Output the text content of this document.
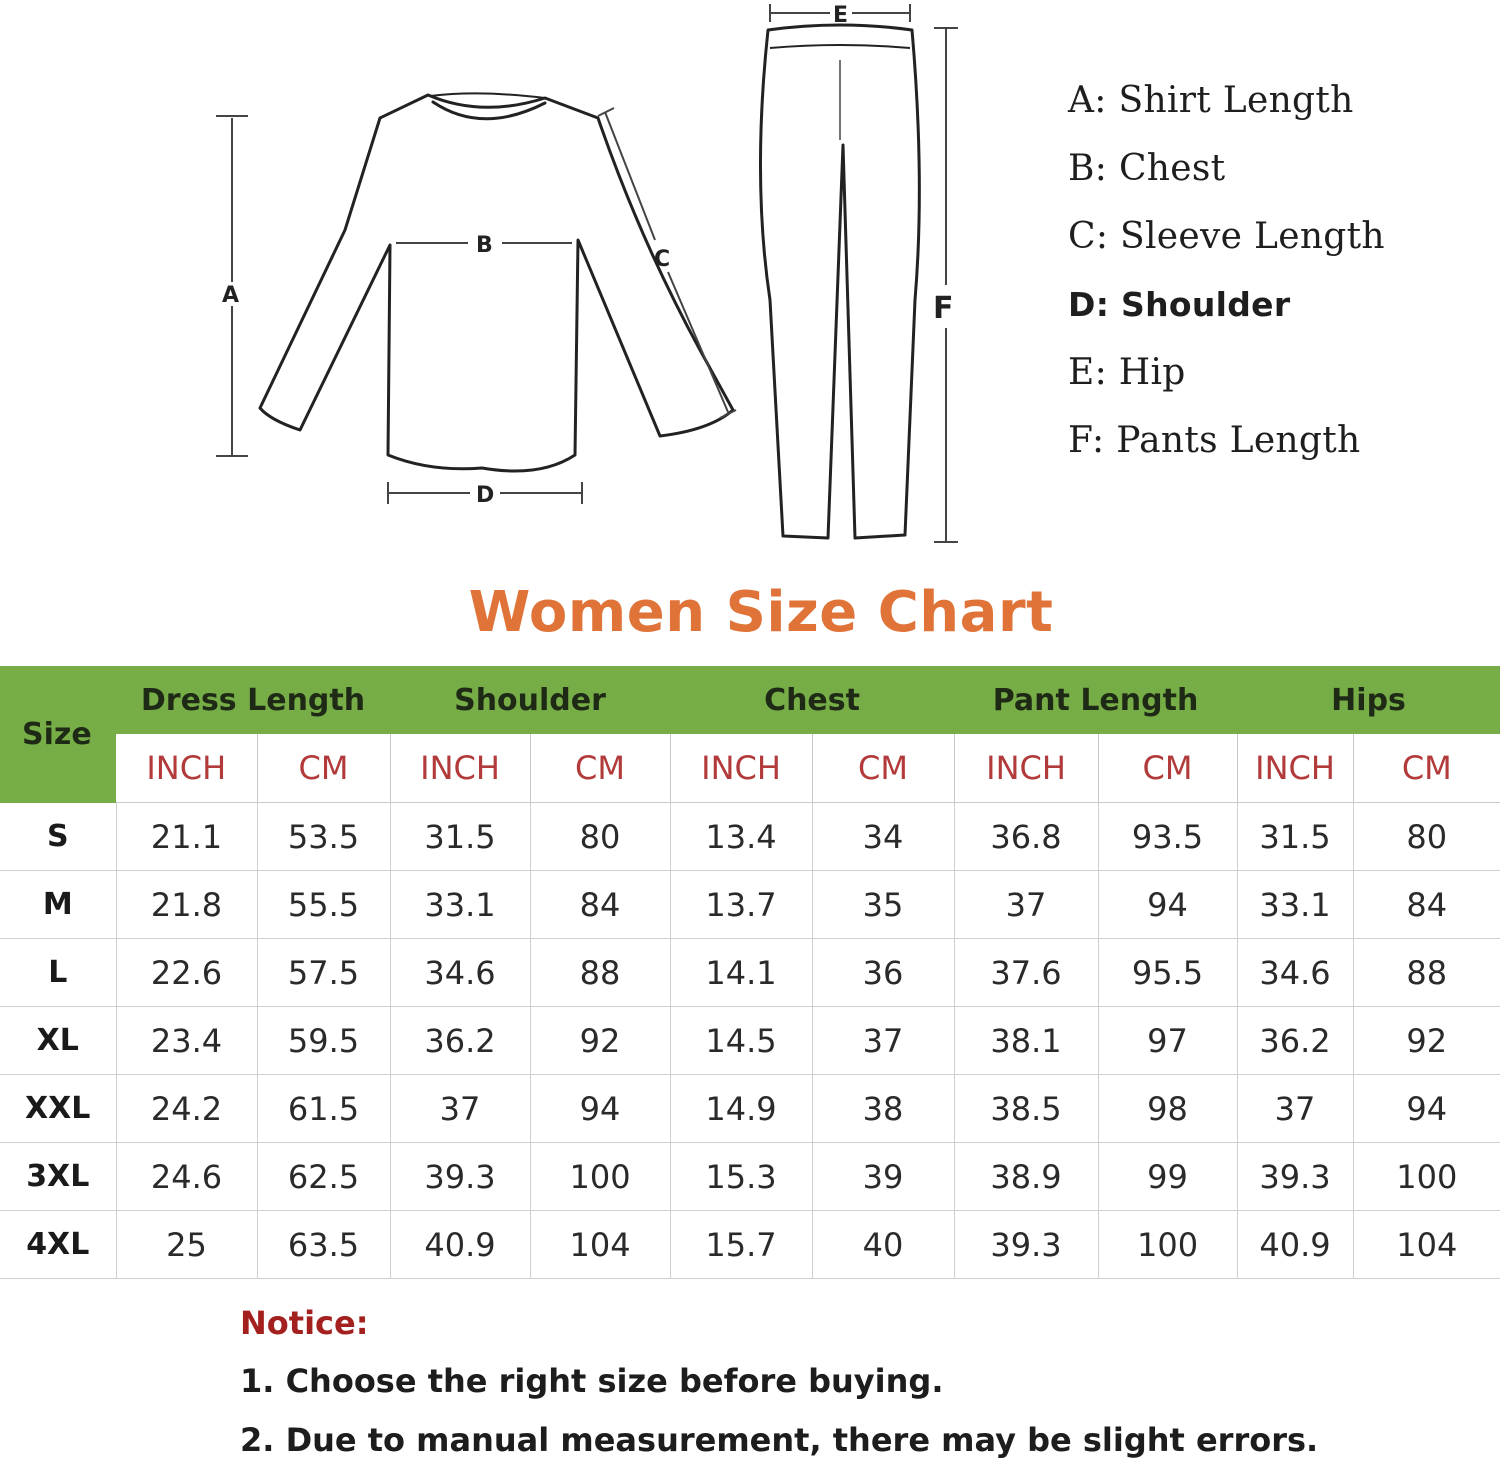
A
B
C
D
E
F
A: Shirt Length
B: Chest
C: Sleeve Length
D: Shoulder
E: Hip
F: Pants Length
Women Size Chart
Size	Dress Length		Shoulder		Chest		Pant Length		Hips	
	INCH	CM	INCH	CM	INCH	CM	INCH	CM	INCH	CM
S	21.1	53.5	31.5	80	13.4	34	36.8	93.5	31.5	80
M	21.8	55.5	33.1	84	13.7	35	37	94	33.1	84
L	22.6	57.5	34.6	88	14.1	36	37.6	95.5	34.6	88
XL	23.4	59.5	36.2	92	14.5	37	38.1	97	36.2	92
XXL	24.2	61.5	37	94	14.9	38	38.5	98	37	94
3XL	24.6	62.5	39.3	100	15.3	39	38.9	99	39.3	100
4XL	25	63.5	40.9	104	15.7	40	39.3	100	40.9	104
Notice:
1. Choose the right size before buying.
2. Due to manual measurement, there may be slight errors.
